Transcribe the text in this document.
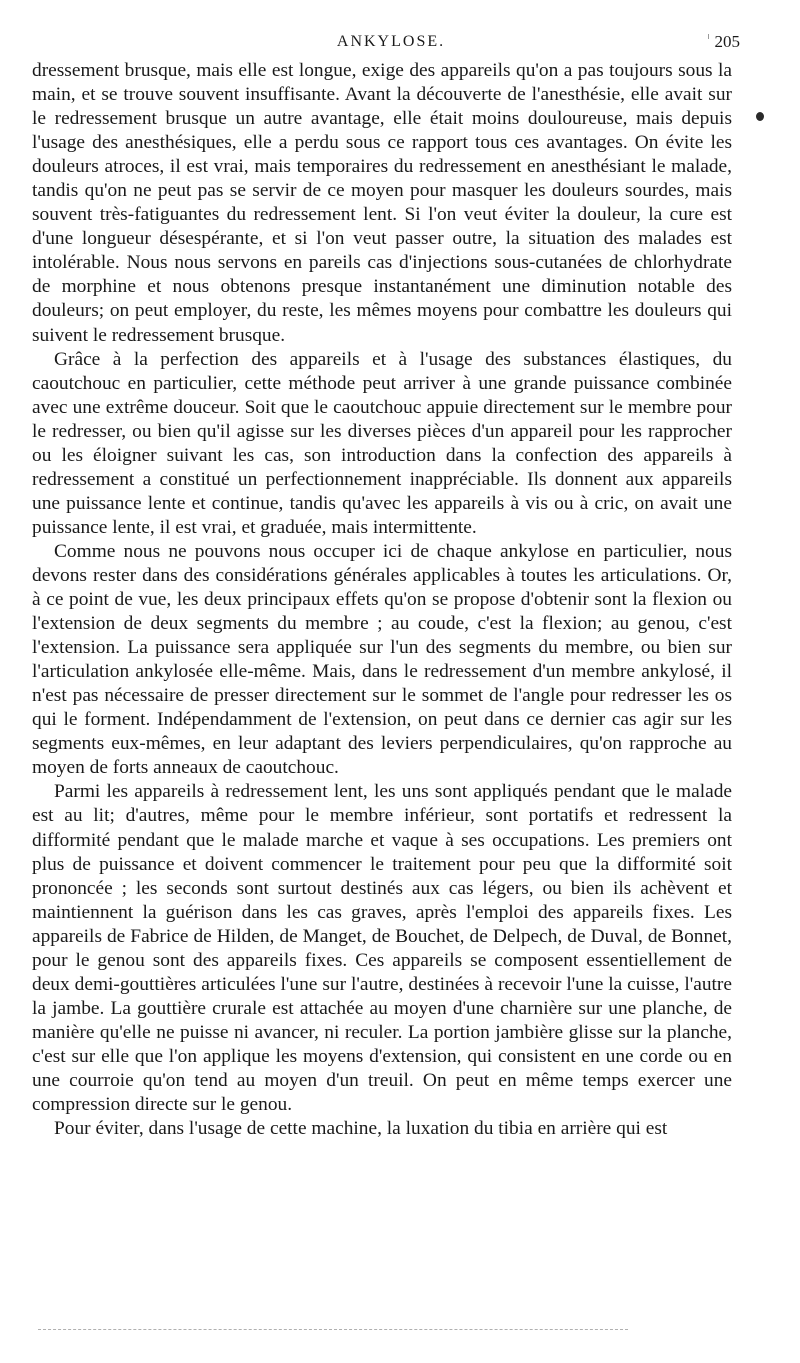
ANKYLOSE.	205

dressement brusque, mais elle est longue, exige des appareils qu'on a pas toujours sous la main, et se trouve souvent insuffisante. Avant la découverte de l'anesthésie, elle avait sur le redressement brusque un autre avantage, elle était moins douloureuse, mais depuis l'usage des anesthésiques, elle a perdu sous ce rapport tous ces avantages. On évite les douleurs atroces, il est vrai, mais temporaires du redressement en anesthésiant le malade, tandis qu'on ne peut pas se servir de ce moyen pour masquer les douleurs sourdes, mais souvent très-fatiguantes du redressement lent. Si l'on veut éviter la douleur, la cure est d'une longueur désespérante, et si l'on veut passer outre, la situation des malades est intolérable. Nous nous servons en pareils cas d'injections sous-cutanées de chlorhydrate de morphine et nous obtenons presque instantanément une diminution notable des douleurs; on peut employer, du reste, les mêmes moyens pour combattre les douleurs qui suivent le redressement brusque.

Grâce à la perfection des appareils et à l'usage des substances élastiques, du caoutchouc en particulier, cette méthode peut arriver à une grande puissance combinée avec une extrême douceur. Soit que le caoutchouc appuie directement sur le membre pour le redresser, ou bien qu'il agisse sur les diverses pièces d'un appareil pour les rapprocher ou les éloigner suivant les cas, son introduction dans la confection des appareils à redressement a constitué un perfectionnement inappréciable. Ils donnent aux appareils une puissance lente et continue, tandis qu'avec les appareils à vis ou à cric, on avait une puissance lente, il est vrai, et graduée, mais intermittente.

Comme nous ne pouvons nous occuper ici de chaque ankylose en particulier, nous devons rester dans des considérations générales applicables à toutes les articulations. Or, à ce point de vue, les deux principaux effets qu'on se propose d'obtenir sont la flexion ou l'extension de deux segments du membre ; au coude, c'est la flexion; au genou, c'est l'extension. La puissance sera appliquée sur l'un des segments du membre, ou bien sur l'articulation ankylosée elle-même. Mais, dans le redressement d'un membre ankylosé, il n'est pas nécessaire de presser directement sur le sommet de l'angle pour redresser les os qui le forment. Indépendamment de l'extension, on peut dans ce dernier cas agir sur les segments eux-mêmes, en leur adaptant des leviers perpendiculaires, qu'on rapproche au moyen de forts anneaux de caoutchouc.

Parmi les appareils à redressement lent, les uns sont appliqués pendant que le malade est au lit; d'autres, même pour le membre inférieur, sont portatifs et redressent la difformité pendant que le malade marche et vaque à ses occupations. Les premiers ont plus de puissance et doivent commencer le traitement pour peu que la difformité soit prononcée ; les seconds sont surtout destinés aux cas légers, ou bien ils achèvent et maintiennent la guérison dans les cas graves, après l'emploi des appareils fixes. Les appareils de Fabrice de Hilden, de Manget, de Bouchet, de Delpech, de Duval, de Bonnet, pour le genou sont des appareils fixes. Ces appareils se composent essentiellement de deux demi-gouttières articulées l'une sur l'autre, destinées à recevoir l'une la cuisse, l'autre la jambe. La gouttière crurale est attachée au moyen d'une charnière sur une planche, de manière qu'elle ne puisse ni avancer, ni reculer. La portion jambière glisse sur la planche, c'est sur elle que l'on applique les moyens d'extension, qui consistent en une corde ou en une courroie qu'on tend au moyen d'un treuil. On peut en même temps exercer une compression directe sur le genou.

Pour éviter, dans l'usage de cette machine, la luxation du tibia en arrière qui est
